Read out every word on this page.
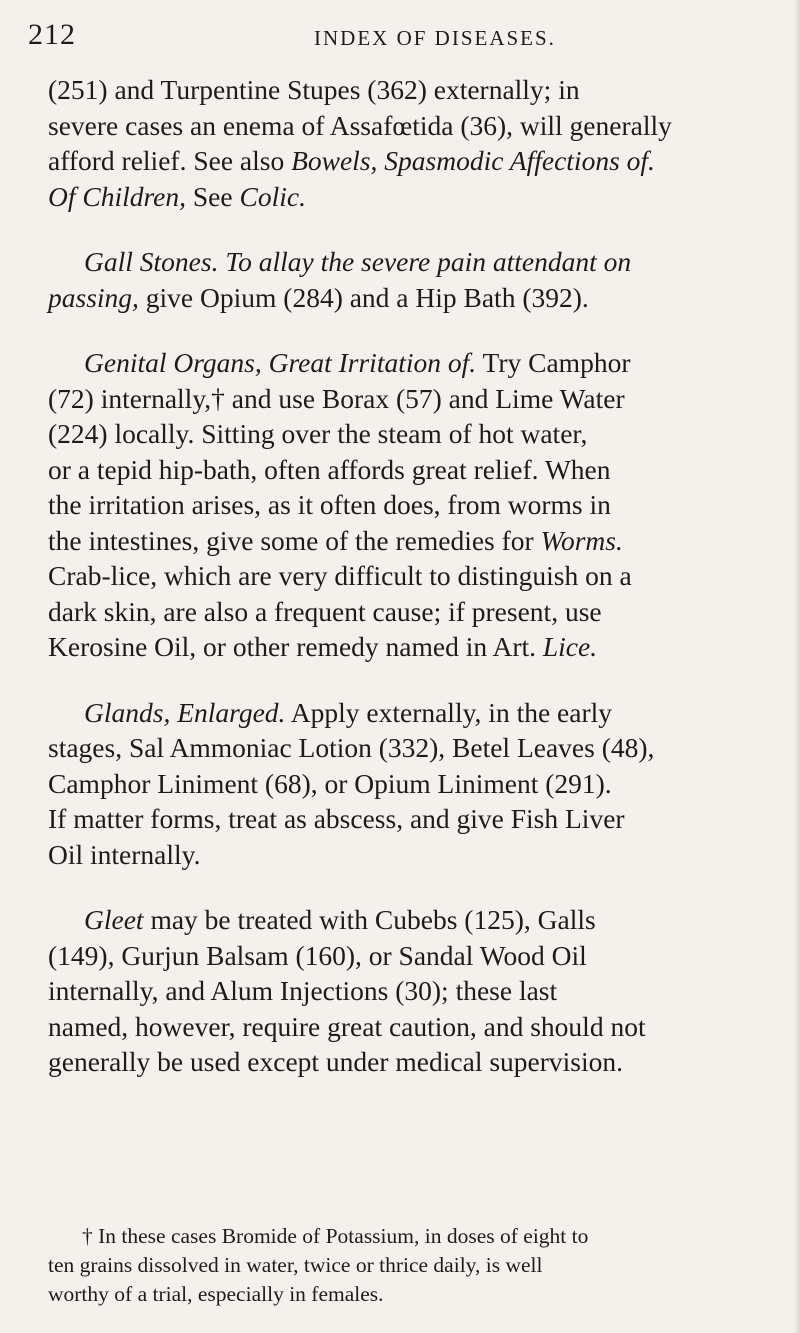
212	INDEX OF DISEASES.

(251) and Turpentine Stupes (362) externally; in
severe cases an enema of Assafœtida (36), will generally
afford relief. See also Bowels, Spasmodic Affections of.
Of Children, See Colic.

Gall Stones. To allay the severe pain attendant on
passing, give Opium (284) and a Hip Bath (392).

Genital Organs, Great Irritation of. Try Camphor
(72) internally,† and use Borax (57) and Lime Water
(224) locally. Sitting over the steam of hot water,
or a tepid hip-bath, often affords great relief. When
the irritation arises, as it often does, from worms in
the intestines, give some of the remedies for Worms.
Crab-lice, which are very difficult to distinguish on a
dark skin, are also a frequent cause; if present, use
Kerosine Oil, or other remedy named in Art. Lice.

Glands, Enlarged. Apply externally, in the early
stages, Sal Ammoniac Lotion (332), Betel Leaves (48),
Camphor Liniment (68), or Opium Liniment (291).
If matter forms, treat as abscess, and give Fish Liver
Oil internally.

Gleet may be treated with Cubebs (125), Galls
(149), Gurjun Balsam (160), or Sandal Wood Oil
internally, and Alum Injections (30); these last
named, however, require great caution, and should not
generally be used except under medical supervision.

† In these cases Bromide of Potassium, in doses of eight to
ten grains dissolved in water, twice or thrice daily, is well
worthy of a trial, especially in females.
